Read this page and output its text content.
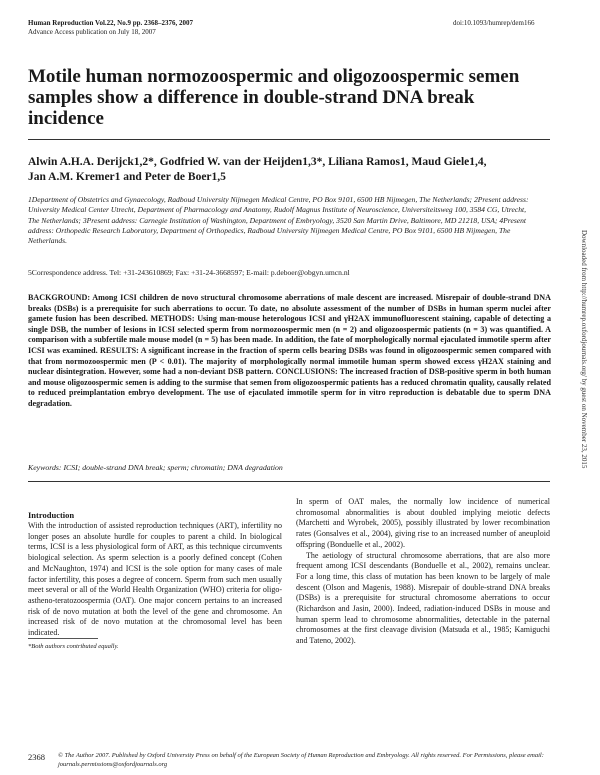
Human Reproduction Vol.22, No.9 pp. 2368–2376, 2007
Advance Access publication on July 18, 2007
doi:10.1093/humrep/dem166
Motile human normozoospermic and oligozoospermic semen samples show a difference in double-strand DNA break incidence
Alwin A.H.A. Derijck1,2*, Godfried W. van der Heijden1,3*, Liliana Ramos1, Maud Giele1,4,
Jan A.M. Kremer1 and Peter de Boer1,5
1Department of Obstetrics and Gynaecology, Radboud University Nijmegen Medical Centre, PO Box 9101, 6500 HB Nijmegen, The Netherlands; 2Present address: University Medical Center Utrecht, Department of Pharmacology and Anatomy, Rudolf Magnus Institute of Neuroscience, Universiteitsweg 100, 3584 CG, Utrecht, The Netherlands; 3Present address: Carnegie Institution of Washington, Department of Embryology, 3520 San Martin Drive, Baltimore, MD 21218, USA; 4Present address: Orthopedic Research Laboratory, Department of Orthopedics, Radboud University Nijmegen Medical Centre, PO Box 9101, 6500 HB Nijmegen, The Netherlands.
5Correspondence address. Tel: +31-243610869; Fax: +31-24-3668597; E-mail: p.deboer@obgyn.umcn.nl
BACKGROUND: Among ICSI children de novo structural chromosome aberrations of male descent are increased. Misrepair of double-strand DNA breaks (DSBs) is a prerequisite for such aberrations to occur. To date, no absolute assessment of the number of DSBs in human sperm nuclei after gamete fusion has been described. METHODS: Using man-mouse heterologous ICSI and γH2AX immunofluorescent staining, capable of detecting a single DSB, the number of lesions in ICSI selected sperm from normozoospermic men (n = 2) and oligozoospermic patients (n = 3) was quantified. A comparison with a subfertile male mouse model (n = 5) has been made. In addition, the fate of morphologically normal ejaculated immotile sperm after ICSI was examined. RESULTS: A significant increase in the fraction of sperm cells bearing DSBs was found in oligozoospermic semen compared with that from normozoospermic men (P < 0.01). The majority of morphologically normal immotile human sperm showed excess γH2AX staining and nuclear disintegration. However, some had a non-deviant DSB pattern. CONCLUSIONS: The increased fraction of DSB-positive sperm in both human and mouse oligozoospermic semen is adding to the surmise that semen from oligozoospermic patients has a reduced chromatin quality, causally related to reduced preimplantation embryo development. The use of ejaculated immotile sperm for in vitro reproduction is debatable due to sperm DNA degradation.
Keywords: ICSI; double-strand DNA break; sperm; chromatin; DNA degradation
Introduction
With the introduction of assisted reproduction techniques (ART), infertility no longer poses an absolute hurdle for couples to parent a child. In biological terms, ICSI is a less physiological form of ART, as this technique circumvents biological selection. As sperm selection is a poorly defined concept (Cohen and McNaughton, 1974) and ICSI is the sole option for many cases of male factor infertility, this poses a degree of concern. Sperm from such men usually meet several or all of the World Health Organization (WHO) criteria for oligo-astheno-teratozoospermia (OAT). One major concern pertains to an increased risk of de novo mutation at both the level of the gene and chromosome. An increased risk of de novo mutation at the chromosomal level has been indicated.
In sperm of OAT males, the normally low incidence of numerical chromosomal abnormalities is about doubled implying meiotic defects (Marchetti and Wyrobek, 2005), possibly illustrated by lower recombination rates (Gonsalves et al., 2004), giving rise to an increased number of aneuploid offspring (Bonduelle et al., 2002).
The aetiology of structural chromosome aberrations, that are also more frequent among ICSI descendants (Bonduelle et al., 2002), remains unclear. For a long time, this class of mutation has been known to be largely of male descent (Olson and Magenis, 1988). Misrepair of double-strand DNA breaks (DSBs) is a prerequisite for structural chromosome aberrations to occur (Richardson and Jasin, 2000). Indeed, radiation-induced DSBs in mouse and human sperm lead to chromosome abnormalities, detectable in the paternal chromosomes at the first cleavage division (Matsuda et al., 1985; Kamiguchi and Tateno, 2002).
*Both authors contributed equally.
2368 © The Author 2007. Published by Oxford University Press on behalf of the European Society of Human Reproduction and Embryology. All rights reserved. For Permissions, please email: journals.permissions@oxfordjournals.org
Downloaded from http://humrep.oxfordjournals.org/ by guest on November 23, 2015
